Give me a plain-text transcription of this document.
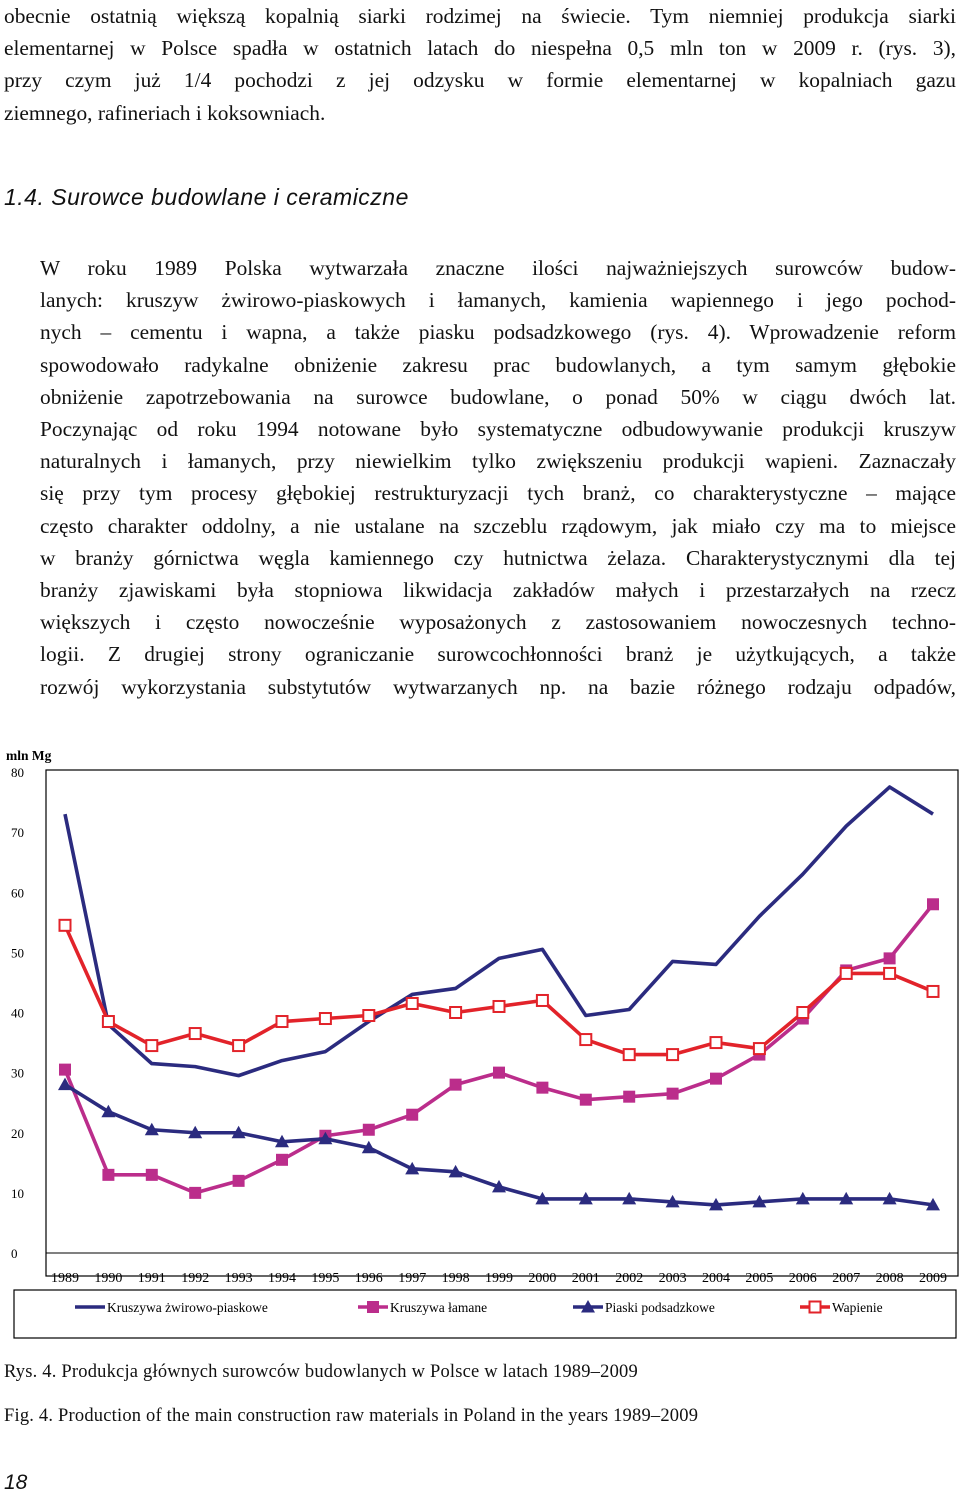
obecnie ostatnią większą kopalnią siarki rodzimej na świecie. Tym niemniej produkcja siarki
elementarnej w Polsce spadła w ostatnich latach do niespełna 0,5 mln ton w 2009 r. (rys. 3),
przy czym już 1/4 pochodzi z jej odzysku w formie elementarnej w kopalniach gazu
ziemnego, rafineriach i koksowniach.
1.4. Surowce budowlane i ceramiczne
W roku 1989 Polska wytwarzała znaczne ilości najważniejszych surowców budow-
lanych: kruszyw żwirowo-piaskowych i łamanych, kamienia wapiennego i jego pochod-
nych – cementu i wapna, a także piasku podsadzkowego (rys. 4). Wprowadzenie reform
spowodowało radykalne obniżenie zakresu prac budowlanych, a tym samym głębokie
obniżenie zapotrzebowania na surowce budowlane, o ponad 50% w ciągu dwóch lat.
Poczynając od roku 1994 notowane było systematyczne odbudowywanie produkcji kruszyw
naturalnych i łamanych, przy niewielkim tylko zwiększeniu produkcji wapieni. Zaznaczały
się przy tym procesy głębokiej restrukturyzacji tych branż, co charakterystyczne – mające
często charakter oddolny, a nie ustalane na szczeblu rządowym, jak miało czy ma to miejsce
w branży górnictwa węgla kamiennego czy hutnictwa żelaza. Charakterystycznymi dla tej
branży zjawiskami była stopniowa likwidacja zakładów małych i przestarzałych na rzecz
większych i często nowocześnie wyposażonych z zastosowaniem nowoczesnych techno-
logii. Z drugiej strony ograniczanie surowcochłonności branż je użytkujących, a także
rozwój wykorzystania substytutów wytwarzanych np. na bazie różnego rodzaju odpadów,
mln Mg
0
10
20
30
40
50
60
70
80
1989 1990 1991 1992 1993 1994 1995 1996 1997 1998 1999 2000 2001 2002 2003 2004 2005 2006 2007 2008 2009
Kruszywa żwirowo-piaskowe	Kruszywa łamane	Piaski podsadzkowe	Wapienie

Rys. 4. Produkcja głównych surowców budowlanych w Polsce w latach 1989–2009

Fig. 4. Production of the main construction raw materials in Poland in the years 1989–2009

18
